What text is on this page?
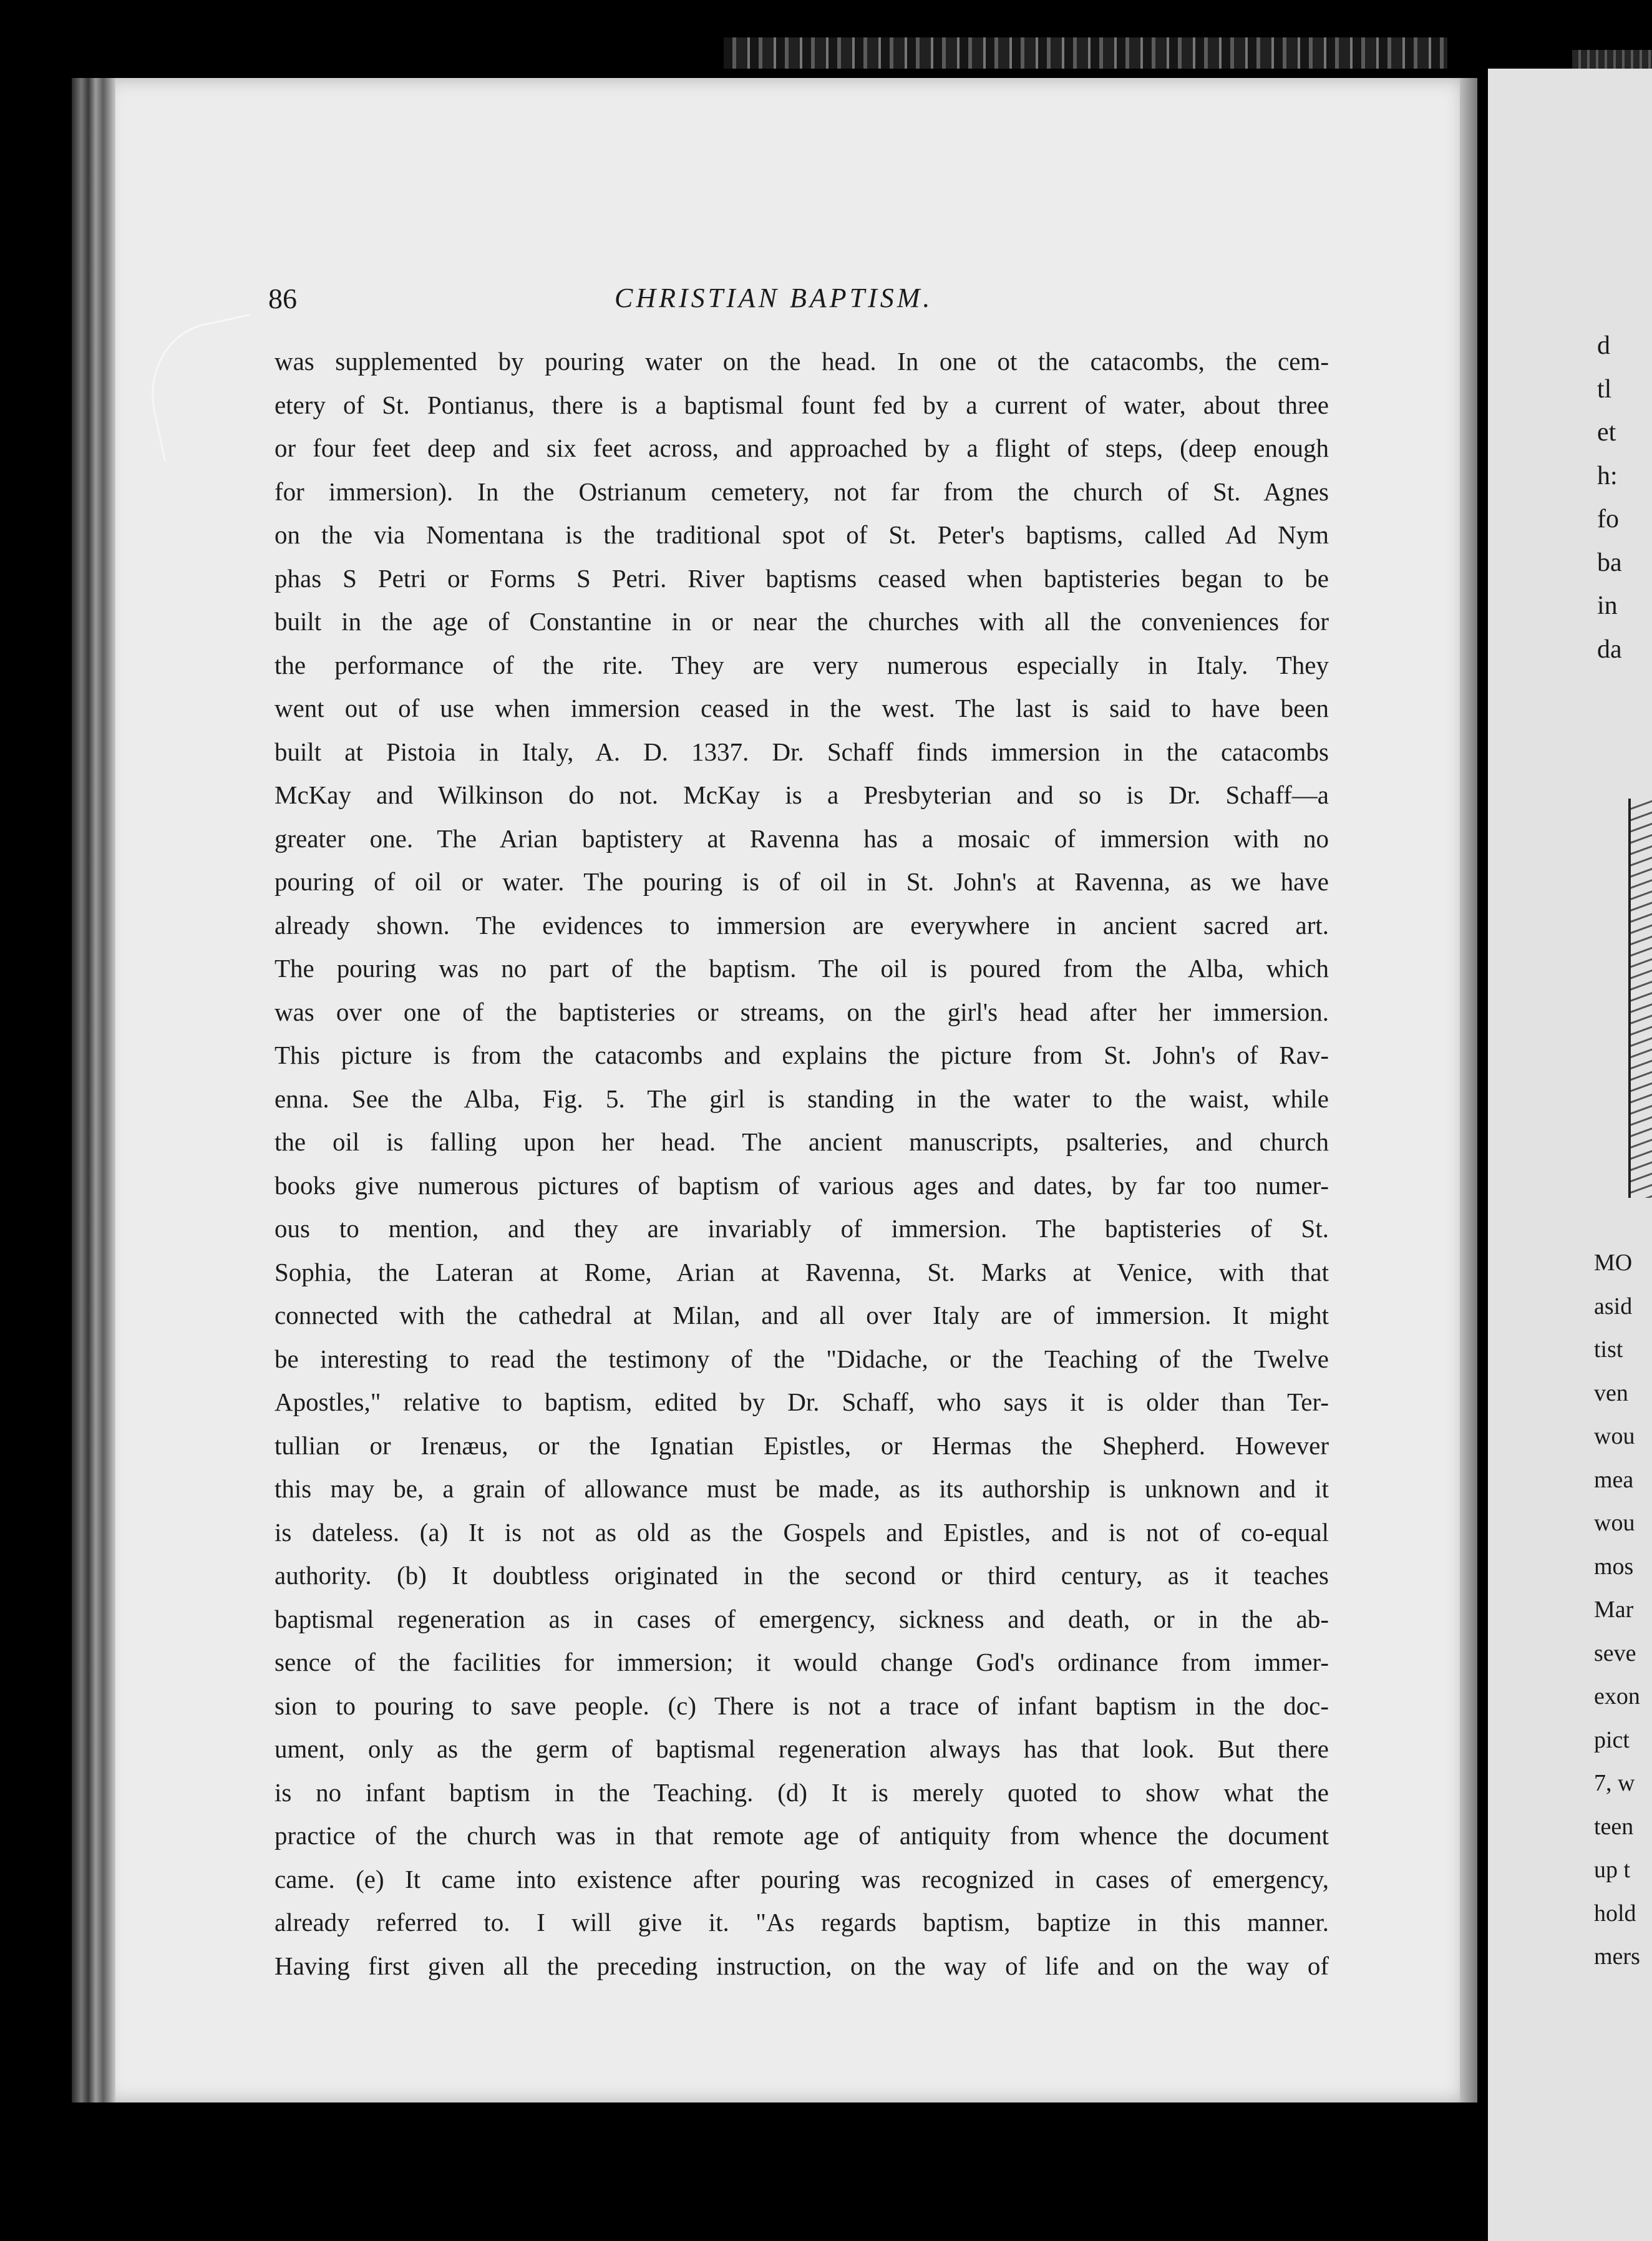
86	CHRISTIAN BAPTISM.
was supplemented by pouring water on the head. In one ot the catacombs, the cem-
etery of St. Pontianus, there is a baptismal fount fed by a current of water, about three
or four feet deep and six feet across, and approached by a flight of steps, (deep enough
for immersion). In the Ostrianum cemetery, not far from the church of St. Agnes
on the via Nomentana is the traditional spot of St. Peter's baptisms, called Ad Nym
phas S Petri or Forms S Petri. River baptisms ceased when baptisteries began to be
built in the age of Constantine in or near the churches with all the conveniences for
the performance of the rite. They are very numerous especially in Italy. They
went out of use when immersion ceased in the west. The last is said to have been
built at Pistoia in Italy, A. D. 1337. Dr. Schaff finds immersion in the catacombs
McKay and Wilkinson do not. McKay is a Presbyterian and so is Dr. Schaff—a
greater one. The Arian baptistery at Ravenna has a mosaic of immersion with no
pouring of oil or water. The pouring is of oil in St. John's at Ravenna, as we have
already shown. The evidences to immersion are everywhere in ancient sacred art.
The pouring was no part of the baptism. The oil is poured from the Alba, which
was over one of the baptisteries or streams, on the girl's head after her immersion.
This picture is from the catacombs and explains the picture from St. John's of Rav-
enna. See the Alba, Fig. 5. The girl is standing in the water to the waist, while
the oil is falling upon her head. The ancient manuscripts, psalteries, and church
books give numerous pictures of baptism of various ages and dates, by far too numer-
ous to mention, and they are invariably of immersion. The baptisteries of St.
Sophia, the Lateran at Rome, Arian at Ravenna, St. Marks at Venice, with that
connected with the cathedral at Milan, and all over Italy are of immersion. It might
be interesting to read the testimony of the "Didache, or the Teaching of the Twelve
Apostles," relative to baptism, edited by Dr. Schaff, who says it is older than Ter-
tullian or Irenæus, or the Ignatian Epistles, or Hermas the Shepherd. However
this may be, a grain of allowance must be made, as its authorship is unknown and it
is dateless. (a) It is not as old as the Gospels and Epistles, and is not of co-equal
authority. (b) It doubtless originated in the second or third century, as it teaches
baptismal regeneration as in cases of emergency, sickness and death, or in the ab-
sence of the facilities for immersion; it would change God's ordinance from immer-
sion to pouring to save people. (c) There is not a trace of infant baptism in the doc-
ument, only as the germ of baptismal regeneration always has that look. But there
is no infant baptism in the Teaching. (d) It is merely quoted to show what the
practice of the church was in that remote age of antiquity from whence the document
came. (e) It came into existence after pouring was recognized in cases of emergency,
already referred to. I will give it. "As regards baptism, baptize in this manner.
Having first given all the preceding instruction, on the way of life and on the way of
d
tl
et
h:
fo
ba
in
da
MO
asid
tist
ven
wou
mea
wou
mos
Mar
seve
exon
pict
7, w
teen
up t
hold
mers
